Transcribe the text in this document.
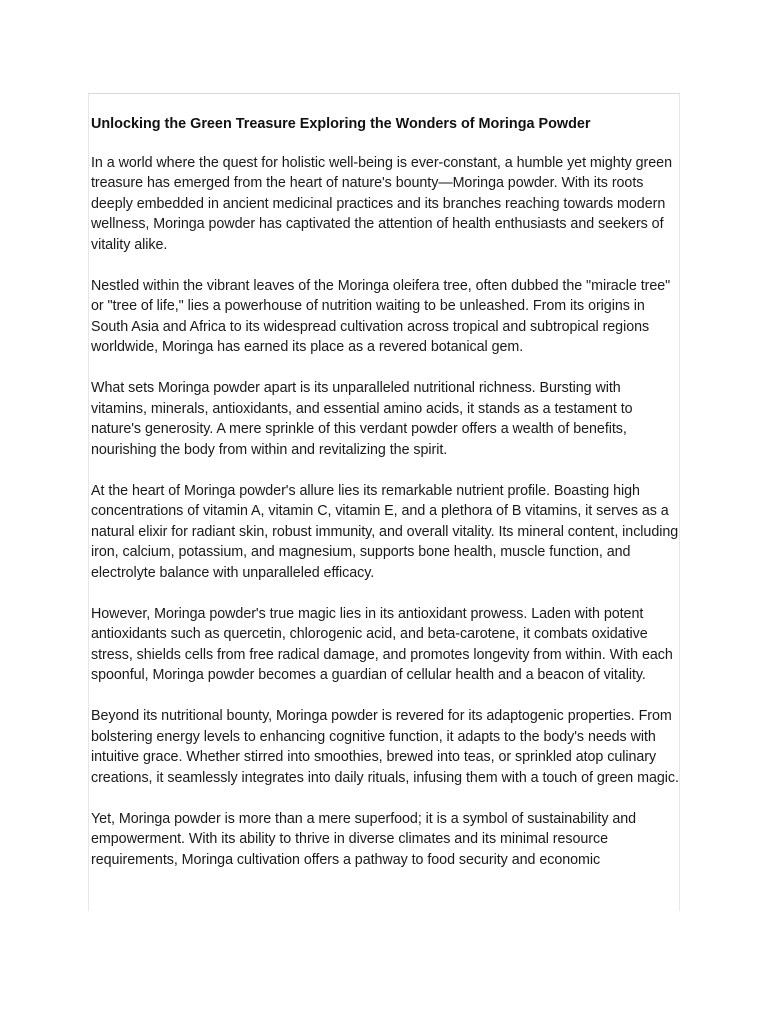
Unlocking the Green Treasure Exploring the Wonders of Moringa Powder

In a world where the quest for holistic well-being is ever-constant, a humble yet mighty green treasure has emerged from the heart of nature's bounty—Moringa powder. With its roots deeply embedded in ancient medicinal practices and its branches reaching towards modern wellness, Moringa powder has captivated the attention of health enthusiasts and seekers of vitality alike.

Nestled within the vibrant leaves of the Moringa oleifera tree, often dubbed the "miracle tree" or "tree of life," lies a powerhouse of nutrition waiting to be unleashed. From its origins in South Asia and Africa to its widespread cultivation across tropical and subtropical regions worldwide, Moringa has earned its place as a revered botanical gem.

What sets Moringa powder apart is its unparalleled nutritional richness. Bursting with vitamins, minerals, antioxidants, and essential amino acids, it stands as a testament to nature's generosity. A mere sprinkle of this verdant powder offers a wealth of benefits, nourishing the body from within and revitalizing the spirit.

At the heart of Moringa powder's allure lies its remarkable nutrient profile. Boasting high concentrations of vitamin A, vitamin C, vitamin E, and a plethora of B vitamins, it serves as a natural elixir for radiant skin, robust immunity, and overall vitality. Its mineral content, including iron, calcium, potassium, and magnesium, supports bone health, muscle function, and electrolyte balance with unparalleled efficacy.

However, Moringa powder's true magic lies in its antioxidant prowess. Laden with potent antioxidants such as quercetin, chlorogenic acid, and beta-carotene, it combats oxidative stress, shields cells from free radical damage, and promotes longevity from within. With each spoonful, Moringa powder becomes a guardian of cellular health and a beacon of vitality.

Beyond its nutritional bounty, Moringa powder is revered for its adaptogenic properties. From bolstering energy levels to enhancing cognitive function, it adapts to the body's needs with intuitive grace. Whether stirred into smoothies, brewed into teas, or sprinkled atop culinary creations, it seamlessly integrates into daily rituals, infusing them with a touch of green magic.

Yet, Moringa powder is more than a mere superfood; it is a symbol of sustainability and empowerment. With its ability to thrive in diverse climates and its minimal resource requirements, Moringa cultivation offers a pathway to food security and economic
